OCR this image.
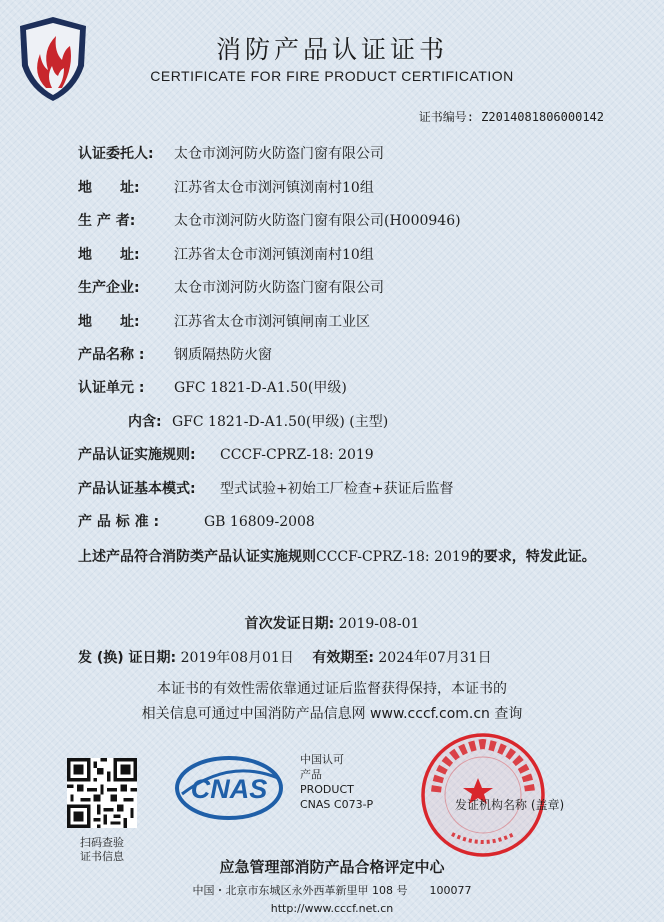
消防产品认证证书
CERTIFICATE FOR FIRE PRODUCT CERTIFICATION
证书编号: Z2014081806000142
认证委托人: 太仓市浏河防火防盗门窗有限公司
地　　址: 江苏省太仓市浏河镇浏南村10组
生 产 者:	太仓市浏河防火防盗门窗有限公司(H000946)
地　　址: 江苏省太仓市浏河镇浏南村10组
生产企业: 太仓市浏河防火防盗门窗有限公司
地　　址: 江苏省太仓市浏河镇闸南工业区
产品名称 : 钢质隔热防火窗
认证单元 : GFC 1821-D-A1.50(甲级)
内含: GFC 1821-D-A1.50(甲级) (主型)
产品认证实施规则: CCCF-CPRZ-18: 2019
产品认证基本模式: 型式试验+初始工厂检查+获证后监督
产 品 标 准 :	GB 16809-2008
上述产品符合消防类产品认证实施规则CCCF-CPRZ-18: 2019的要求，特发此证。
首次发证日期: 2019-08-01
发 (换) 证日期: 2019年08月01日 有效期至: 2024年07月31日
本证书的有效性需依靠通过证后监督获得保持，本证书的
相关信息可通过中国消防产品信息网 www.cccf.com.cn 查询
扫码查验
证书信息
CNAS
中国认可
产品
PRODUCT
CNAS C073-P	发证机构名称 (盖章)
应急管理部消防产品合格评定中心
中国・北京市东城区永外西革新里甲 108 号　　100077
http://www.cccf.net.cn
